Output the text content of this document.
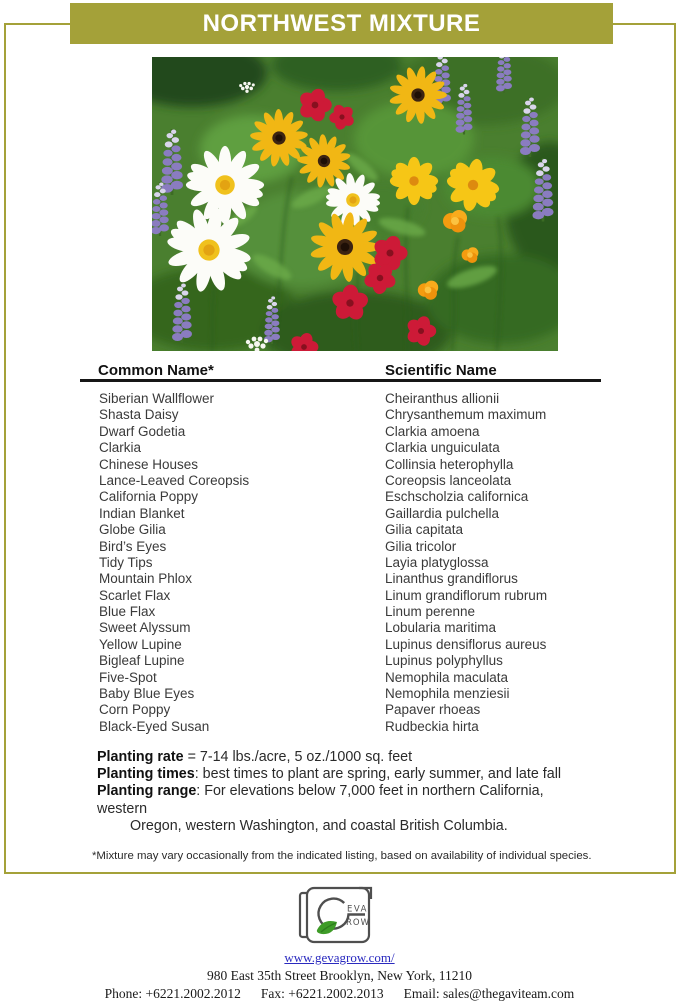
NORTHWEST MIXTURE
Common Name*	Scientific Name
Siberian Wallflower	Cheiranthus allionii
Shasta Daisy	Chrysanthemum maximum
Dwarf Godetia	Clarkia amoena
Clarkia	Clarkia unguiculata
Chinese Houses	Collinsia heterophylla
Lance-Leaved Coreopsis	Coreopsis lanceolata
California Poppy	Eschscholzia californica
Indian Blanket	Gaillardia pulchella
Globe Gilia	Gilia capitata
Bird’s Eyes	Gilia tricolor
Tidy Tips	Layia platyglossa
Mountain Phlox	Linanthus grandiflorus
Scarlet Flax	Linum grandiflorum rubrum
Blue Flax	Linum perenne
Sweet Alyssum	Lobularia maritima
Yellow Lupine	Lupinus densiflorus aureus
Bigleaf Lupine	Lupinus polyphyllus
Five-Spot	Nemophila maculata
Baby Blue Eyes	Nemophila menziesii
Corn Poppy	Papaver rhoeas
Black-Eyed Susan	Rudbeckia hirta
Planting rate = 7-14 lbs./acre, 5 oz./1000 sq. feet
Planting times: best times to plant are spring, early summer, and late fall
Planting range: For elevations below 7,000 feet in northern California,
western
Oregon, western Washington, and coastal British Columbia.
*Mixture may vary occasionally from the indicated listing, based on availability of individual species.
EVA
ROW
www.gevagrow.com/
980 East 35th Street Brooklyn, New York, 11210
Phone: +6221.2002.2012 Fax: +6221.2002.2013 Email: sales@thegaviteam.com
